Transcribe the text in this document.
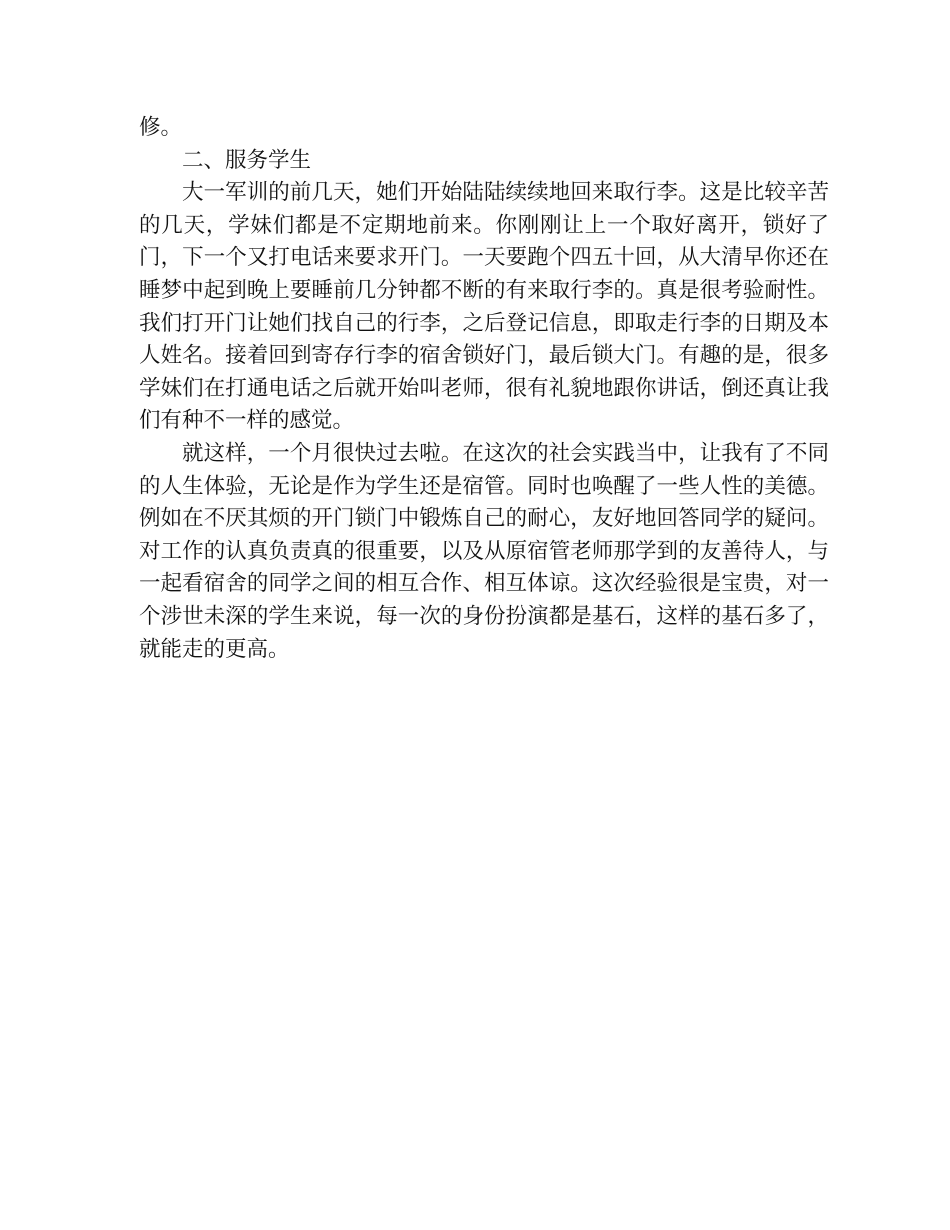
修。

二、服务学生

大一军训的前几天，她们开始陆陆续续地回来取行李。这是比较辛苦的几天，学妹们都是不定期地前来。你刚刚让上一个取好离开，锁好了门，下一个又打电话来要求开门。一天要跑个四五十回，从大清早你还在睡梦中起到晚上要睡前几分钟都不断的有来取行李的。真是很考验耐性。我们打开门让她们找自己的行李，之后登记信息，即取走行李的日期及本人姓名。接着回到寄存行李的宿舍锁好门，最后锁大门。有趣的是，很多学妹们在打通电话之后就开始叫老师，很有礼貌地跟你讲话，倒还真让我们有种不一样的感觉。

就这样，一个月很快过去啦。在这次的社会实践当中，让我有了不同的人生体验，无论是作为学生还是宿管。同时也唤醒了一些人性的美德。例如在不厌其烦的开门锁门中锻炼自己的耐心，友好地回答同学的疑问。对工作的认真负责真的很重要，以及从原宿管老师那学到的友善待人，与一起看宿舍的同学之间的相互合作、相互体谅。这次经验很是宝贵，对一个涉世未深的学生来说，每一次的身份扮演都是基石，这样的基石多了，就能走的更高。
